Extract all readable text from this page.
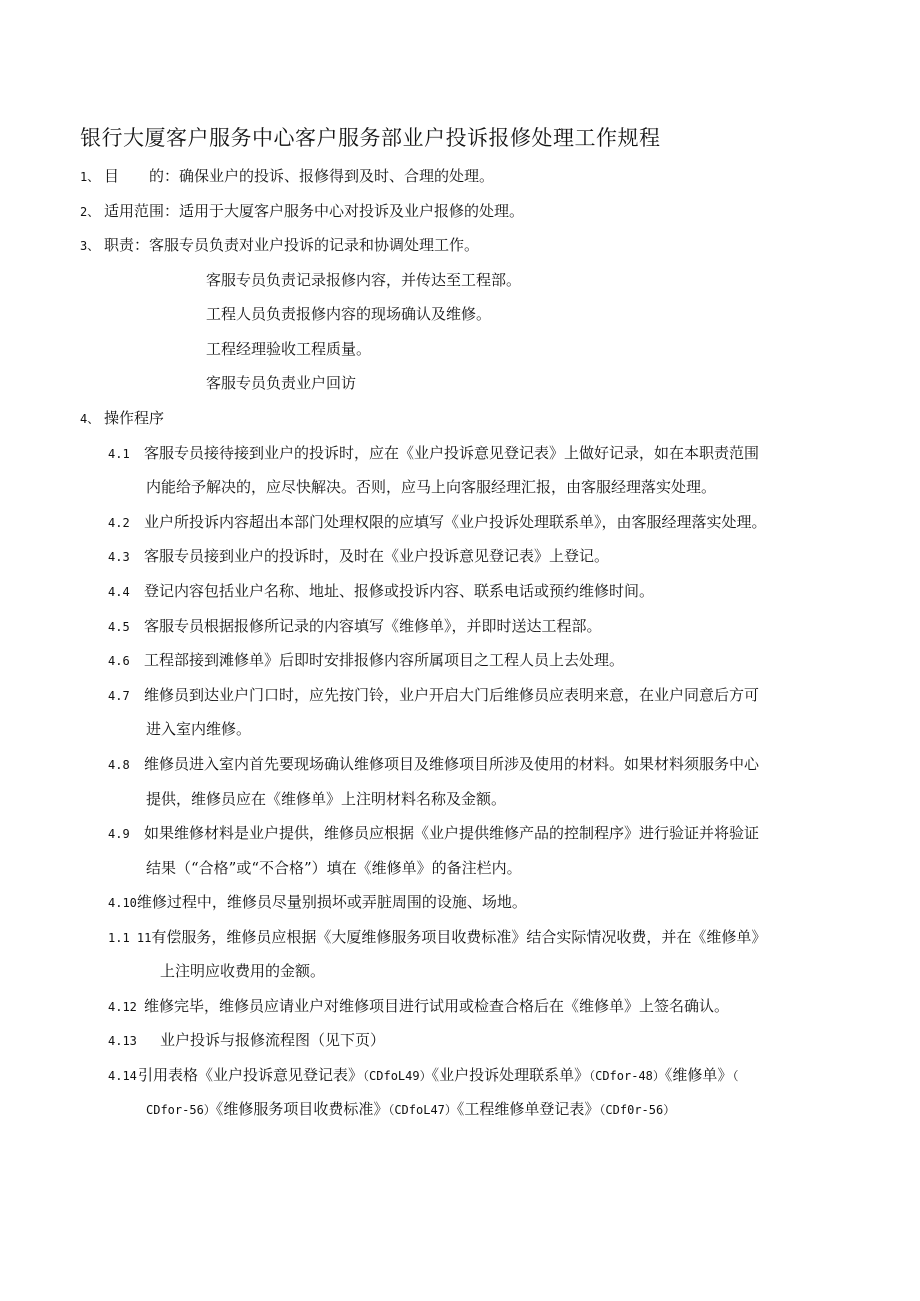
银行大厦客户服务中心客户服务部业户投诉报修处理工作规程
1、 目　　的：确保业户的投诉、报修得到及时、合理的处理。
2、 适用范围：适用于大厦客户服务中心对投诉及业户报修的处理。
3、 职责：客服专员负责对业户投诉的记录和协调处理工作。
客服专员负责记录报修内容，并传达至工程部。
工程人员负责报修内容的现场确认及维修。
工程经理验收工程质量。
客服专员负责业户回访
4、 操作程序
4.1 客服专员接待接到业户的投诉时，应在《业户投诉意见登记表》上做好记录，如在本职责范围
内能给予解决的，应尽快解决。否则，应马上向客服经理汇报，由客服经理落实处理。
4.2 业户所投诉内容超出本部门处理权限的应填写《业户投诉处理联系单》，由客服经理落实处理。
4.3 客服专员接到业户的投诉时，及时在《业户投诉意见登记表》上登记。
4.4 登记内容包括业户名称、地址、报修或投诉内容、联系电话或预约维修时间。
4.5 客服专员根据报修所记录的内容填写《维修单》，并即时送达工程部。
4.6 工程部接到滩修单》后即时安排报修内容所属项目之工程人员上去处理。
4.7 维修员到达业户门口时，应先按门铃，业户开启大门后维修员应表明来意，在业户同意后方可
进入室内维修。
4.8 维修员进入室内首先要现场确认维修项目及维修项目所涉及使用的材料。如果材料须服务中心
提供，维修员应在《维修单》上注明材料名称及金额。
4.9 如果维修材料是业户提供，维修员应根据《业户提供维修产品的控制程序》进行验证并将验证
结果（“合格”或“不合格”）填在《维修单》的备注栏内。
4.10维修过程中，维修员尽量别损坏或弄脏周围的设施、场地。
1.1 11有偿服务，维修员应根据《大厦维修服务项目收费标准》结合实际情况收费，并在《维修单》
上注明应收费用的金额。
4.12 维修完毕，维修员应请业户对维修项目进行试用或检查合格后在《维修单》上签名确认。
4.13 业户投诉与报修流程图（见下页）
4.14引用表格《业户投诉意见登记表》（CDfoL49）《业户投诉处理联系单》（CDfor-48）《维修单》（
CDfor-56）《维修服务项目收费标准》（CDfoL47）《工程维修单登记表》（CDf0r-56）
